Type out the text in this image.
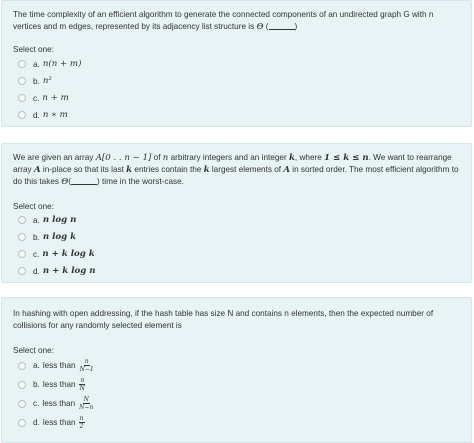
The time complexity of an efficient algorithm to generate the connected components of an undirected graph G with n vertices and m edges, represented by its adjacency list structure is Θ (	)
Select one:
a. n(n + m)
b. n²
c. n + m
d. n ∗ m
We are given an array A[0 . . n − 1] of n arbitrary integers and an integer k, where 1 ≤ k ≤ n. We want to rearrange array A in-place so that its last k entries contain the k largest elements of A in sorted order. The most efficient algorithm to do this takes Θ(	) time in the worst-case.
Select one:
a. n log n
b. n log k
c. n + k log k
d. n + k log n
In hashing with open addressing, if the hash table has size N and contains n elements, then the expected number of collisions for any randomly selected element is
Select one:
a. less than $\frac{n}{N-1}$
b. less than $\frac{n}{N}$
c. less than $\frac{N}{N-n}$
d. less than $\frac{n}{2}$
